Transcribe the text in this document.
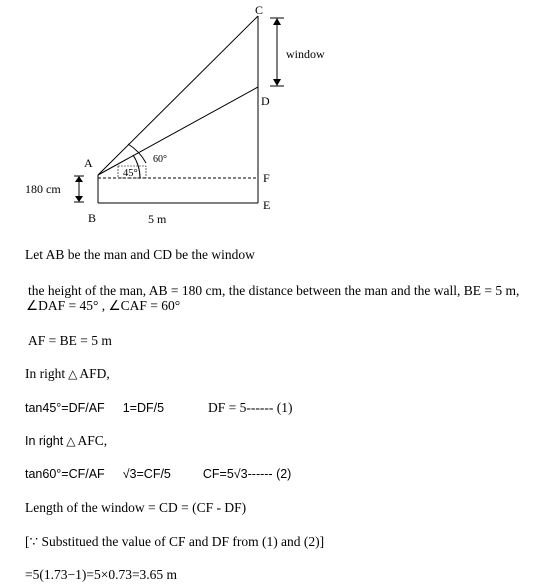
C
window
D
60°
A
45°	F
180 cm
E
B	5 m
Let AB be the man and CD be the window
the height of the man, AB = 180 cm, the distance between the man and the wall, BE = 5 m,
∠DAF = 45° , ∠CAF = 60°
AF = BE = 5 m
In right △ AFD,
tan45°=DF/AF 1=DF/5	DF = 5------ (1)
In right △ AFC,
tan60°=CF/AF √3=CF/5	CF=5√3------ (2)
Length of the window = CD = (CF - DF)
[∵ Substitued the value of CF and DF from (1) and (2)]
=5(1.73−1)=5×0.73=3.65 m
